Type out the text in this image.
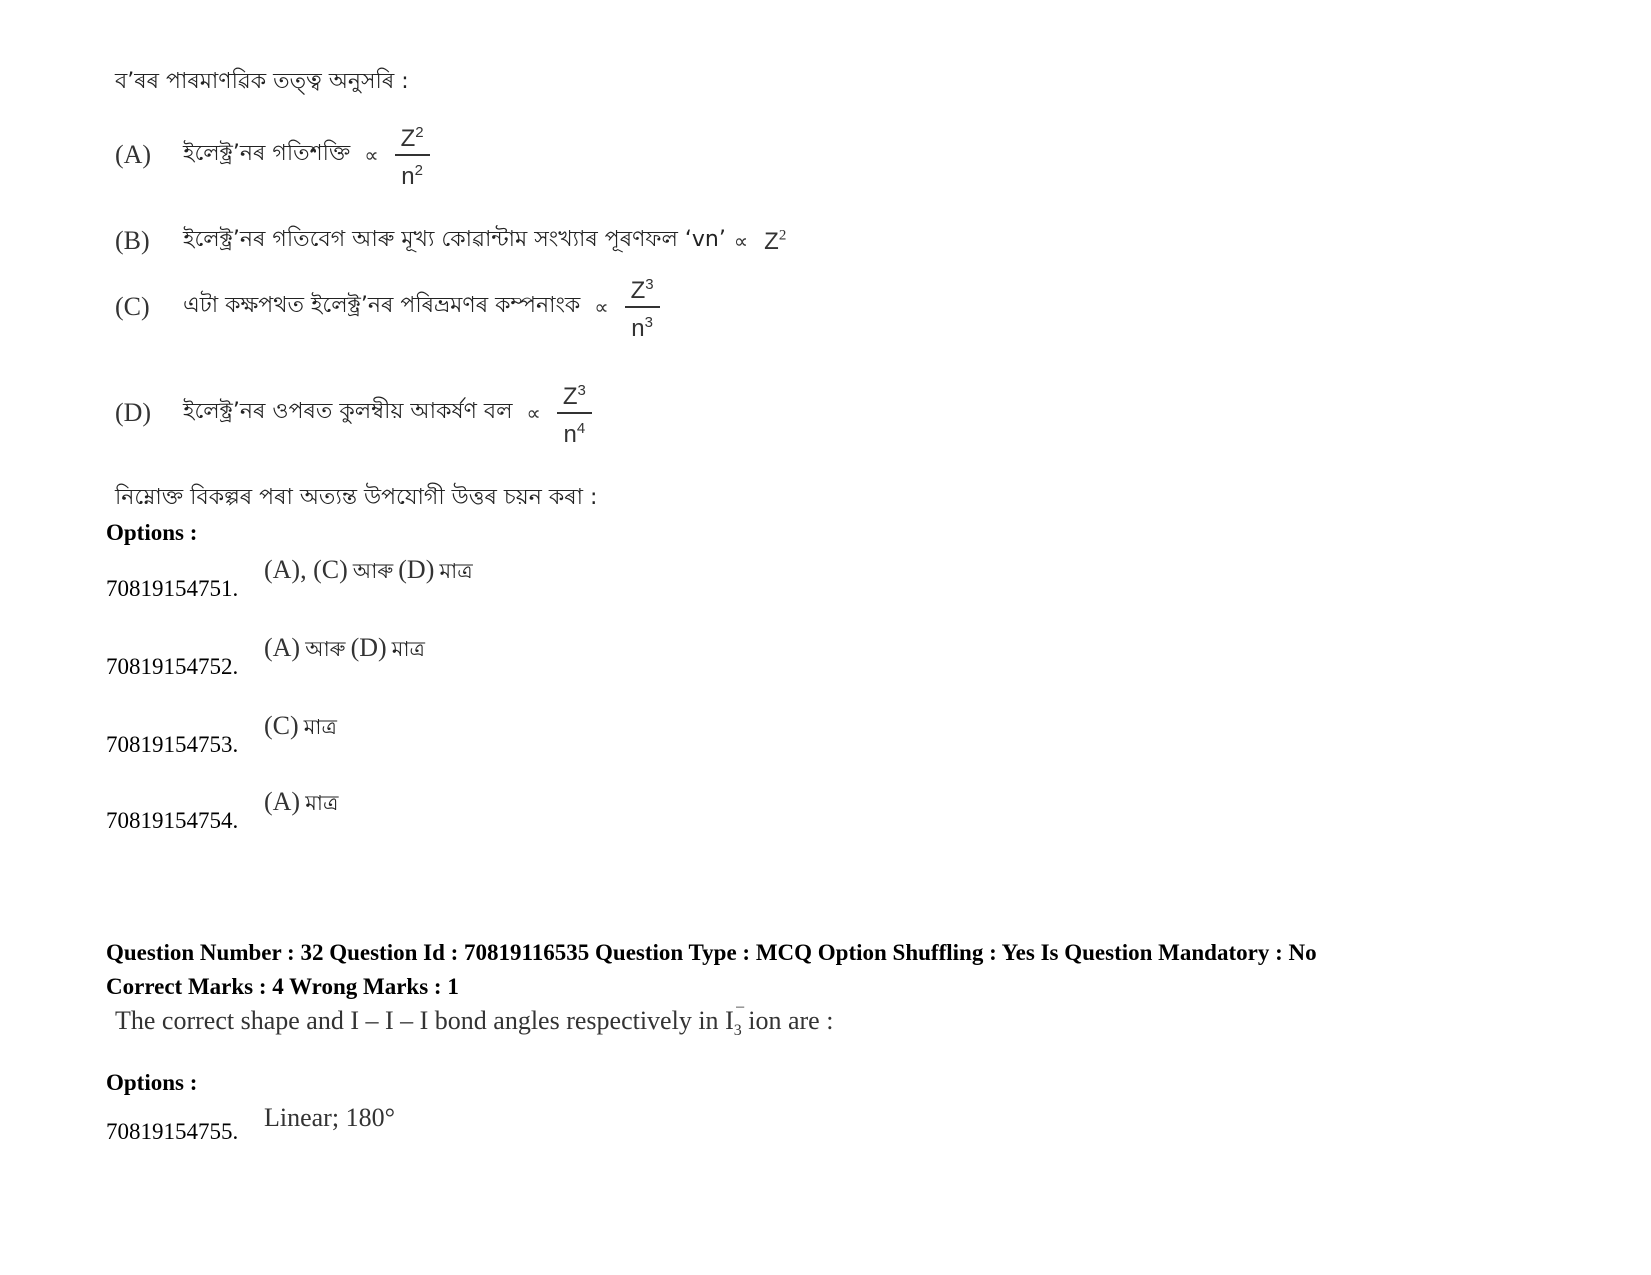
ব’ৰৰ পাৰমাণৱিক তত্ত্ব অনুসৰি :
(A)	ইলেক্ট্ৰ’নৰ গতিশক্তি ∝ $\frac{Z^2}{n^2}$
(B)	ইলেক্ট্ৰ’নৰ গতিবেগ আৰু মূখ্য কোৱান্টাম সংখ্যাৰ পূৰণফল ‘vn’ ∝ $Z^2$
(C)	এটা কক্ষপথত ইলেক্ট্ৰ’নৰ পৰিভ্ৰমণৰ কম্পনাংক ∝ $\frac{Z^3}{n^3}$
(D)	ইলেক্ট্ৰ’নৰ ওপৰত কুলম্বীয় আকৰ্ষণ বল ∝ $\frac{Z^3}{n^4}$
নিম্নোক্ত বিকল্পৰ পৰা অত্যন্ত উপযোগী উত্তৰ চয়ন কৰা :
Options :
70819154751.
(A), (C) আৰু (D) মাত্ৰ
70819154752.
(A) আৰু (D) মাত্ৰ
70819154753.
(C) মাত্ৰ
70819154754.
(A) মাত্ৰ
Question Number : 32 Question Id : 70819116535 Question Type : MCQ Option Shuffling : Yes Is Question Mandatory : No
Correct Marks : 4 Wrong Marks : 1
The correct shape and I – I – I bond angles respectively in $I_3$
–
ion are :
Options :
70819154755. Linear; 180°
